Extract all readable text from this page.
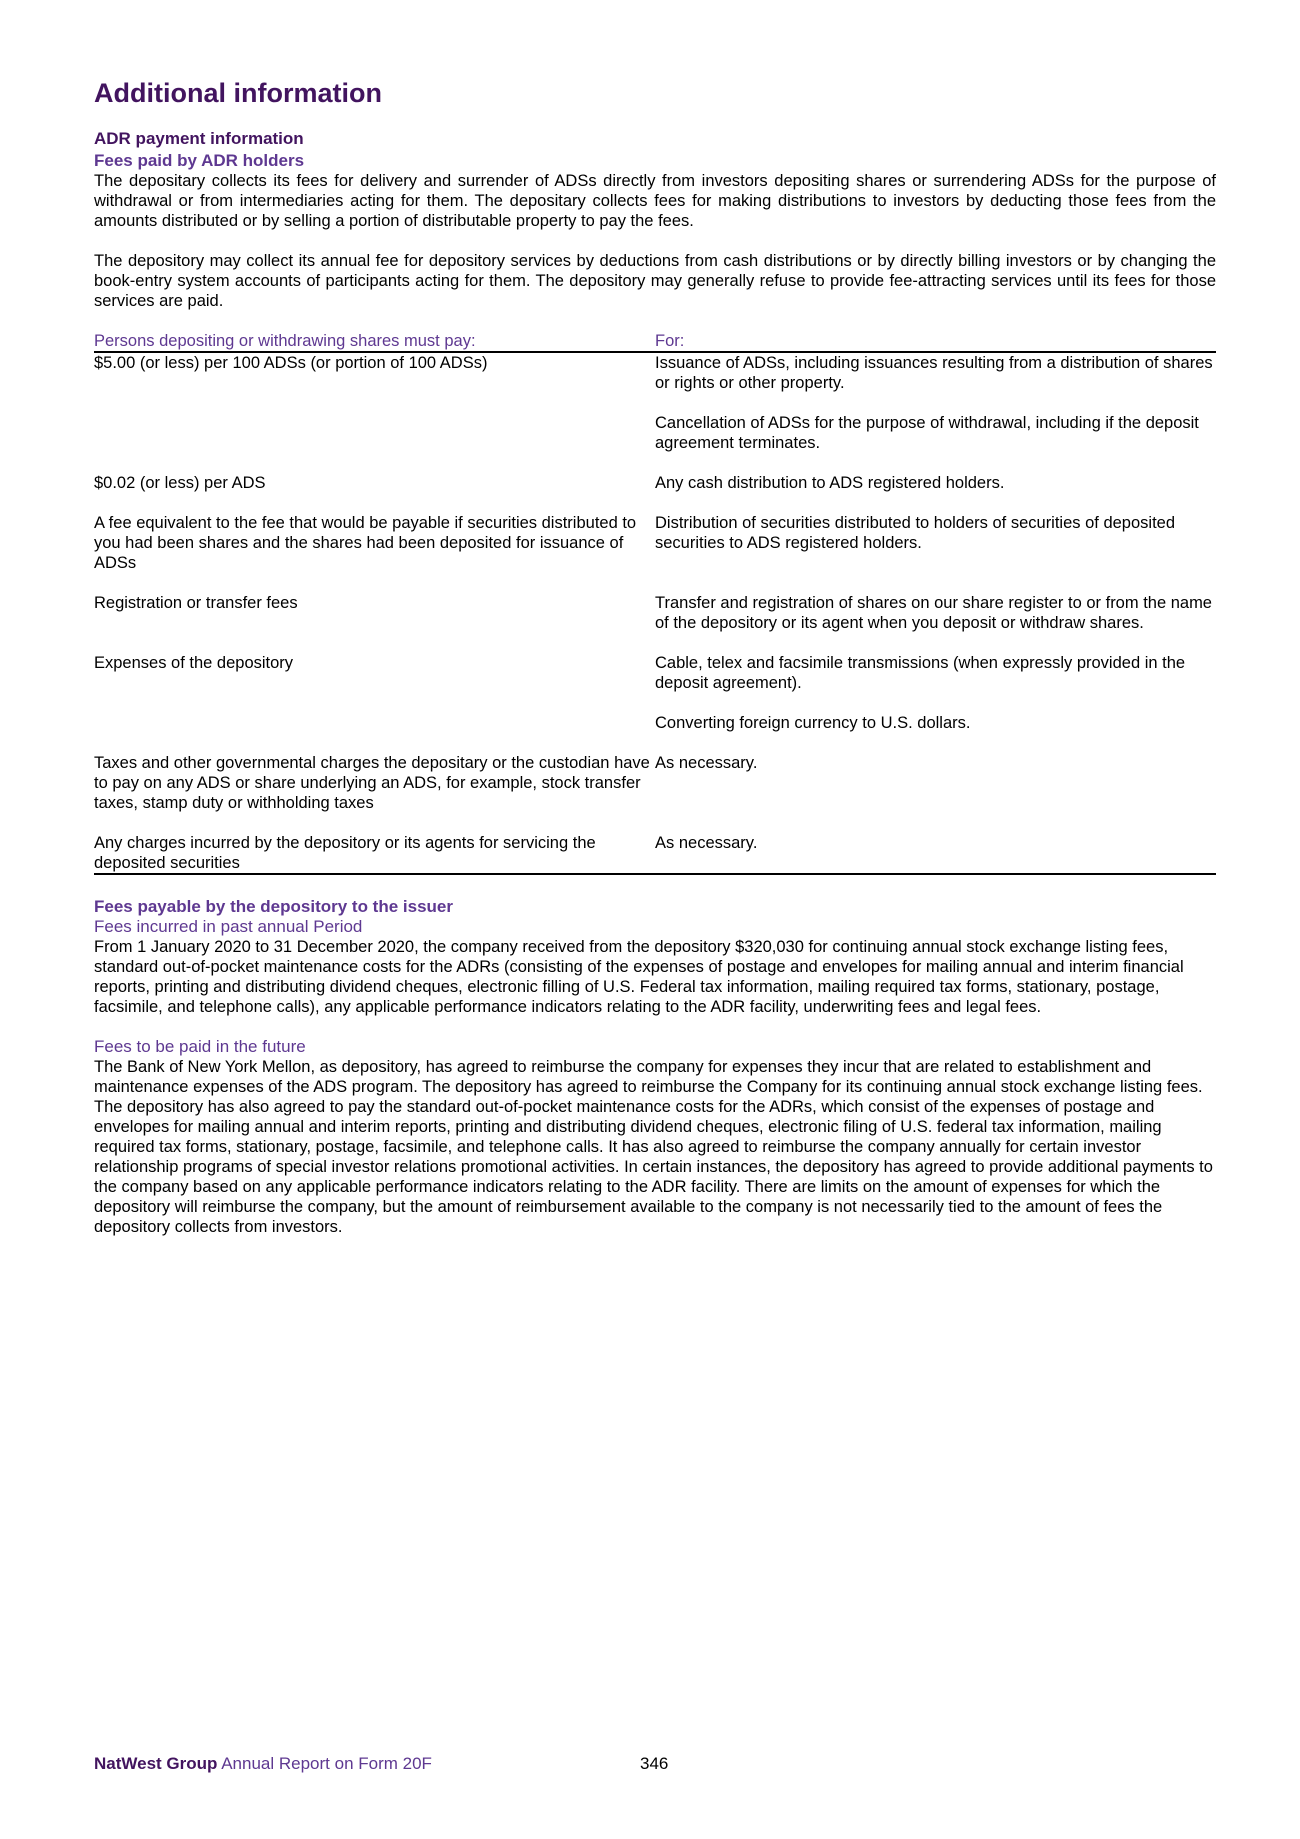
Additional information
ADR payment information
Fees paid by ADR holders

The depositary collects its fees for delivery and surrender of ADSs directly from investors depositing shares or surrendering ADSs for the purpose of withdrawal or from intermediaries acting for them. The depositary collects fees for making distributions to investors by deducting those fees from the amounts distributed or by selling a portion of distributable property to pay the fees.

The depository may collect its annual fee for depository services by deductions from cash distributions or by directly billing investors or by changing the book-entry system accounts of participants acting for them. The depository may generally refuse to provide fee-attracting services until its fees for those services are paid.

Persons depositing or withdrawing shares must pay:	For:
$5.00 (or less) per 100 ADSs (or portion of 100 ADSs)	Issuance of ADSs, including issuances resulting from a distribution of shares or rights or other property.
Cancellation of ADSs for the purpose of withdrawal, including if the deposit agreement terminates.

$0.02 (or less) per ADS	Any cash distribution to ADS registered holders.
A fee equivalent to the fee that would be payable if securities distributed to you had been shares and the shares had been deposited for issuance of ADSs	Distribution of securities distributed to holders of securities of deposited securities to ADS registered holders.
Registration or transfer fees	Transfer and registration of shares on our share register to or from the name of the depository or its agent when you deposit or withdraw shares.
Expenses of the depository	Cable, telex and facsimile transmissions (when expressly provided in the deposit agreement).
Converting foreign currency to U.S. dollars.

Taxes and other governmental charges the depositary or the custodian have to pay on any ADS or share underlying an ADS, for example, stock transfer taxes, stamp duty or withholding taxes	As necessary.
Any charges incurred by the depository or its agents for servicing the deposited securities	As necessary.
Fees payable by the depository to the issuer
Fees incurred in past annual Period

From 1 January 2020 to 31 December 2020, the company received from the depository $320,030 for continuing annual stock exchange listing fees, standard out-of-pocket maintenance costs for the ADRs (consisting of the expenses of postage and envelopes for mailing annual and interim financial reports, printing and distributing dividend cheques, electronic filling of U.S. Federal tax information, mailing required tax forms, stationary, postage, facsimile, and telephone calls), any applicable performance indicators relating to the ADR facility, underwriting fees and legal fees.

Fees to be paid in the future

The Bank of New York Mellon, as depository, has agreed to reimburse the company for expenses they incur that are related to establishment and maintenance expenses of the ADS program. The depository has agreed to reimburse the Company for its continuing annual stock exchange listing fees. The depository has also agreed to pay the standard out-of-pocket maintenance costs for the ADRs, which consist of the expenses of postage and envelopes for mailing annual and interim reports, printing and distributing dividend cheques, electronic filing of U.S. federal tax information, mailing required tax forms, stationary, postage, facsimile, and telephone calls. It has also agreed to reimburse the company annually for certain investor relationship programs of special investor relations promotional activities. In certain instances, the depository has agreed to provide additional payments to the company based on any applicable performance indicators relating to the ADR facility. There are limits on the amount of expenses for which the depository will reimburse the company, but the amount of reimbursement available to the company is not necessarily tied to the amount of fees the depository collects from investors.

NatWest Group Annual Report on Form 20F	346
